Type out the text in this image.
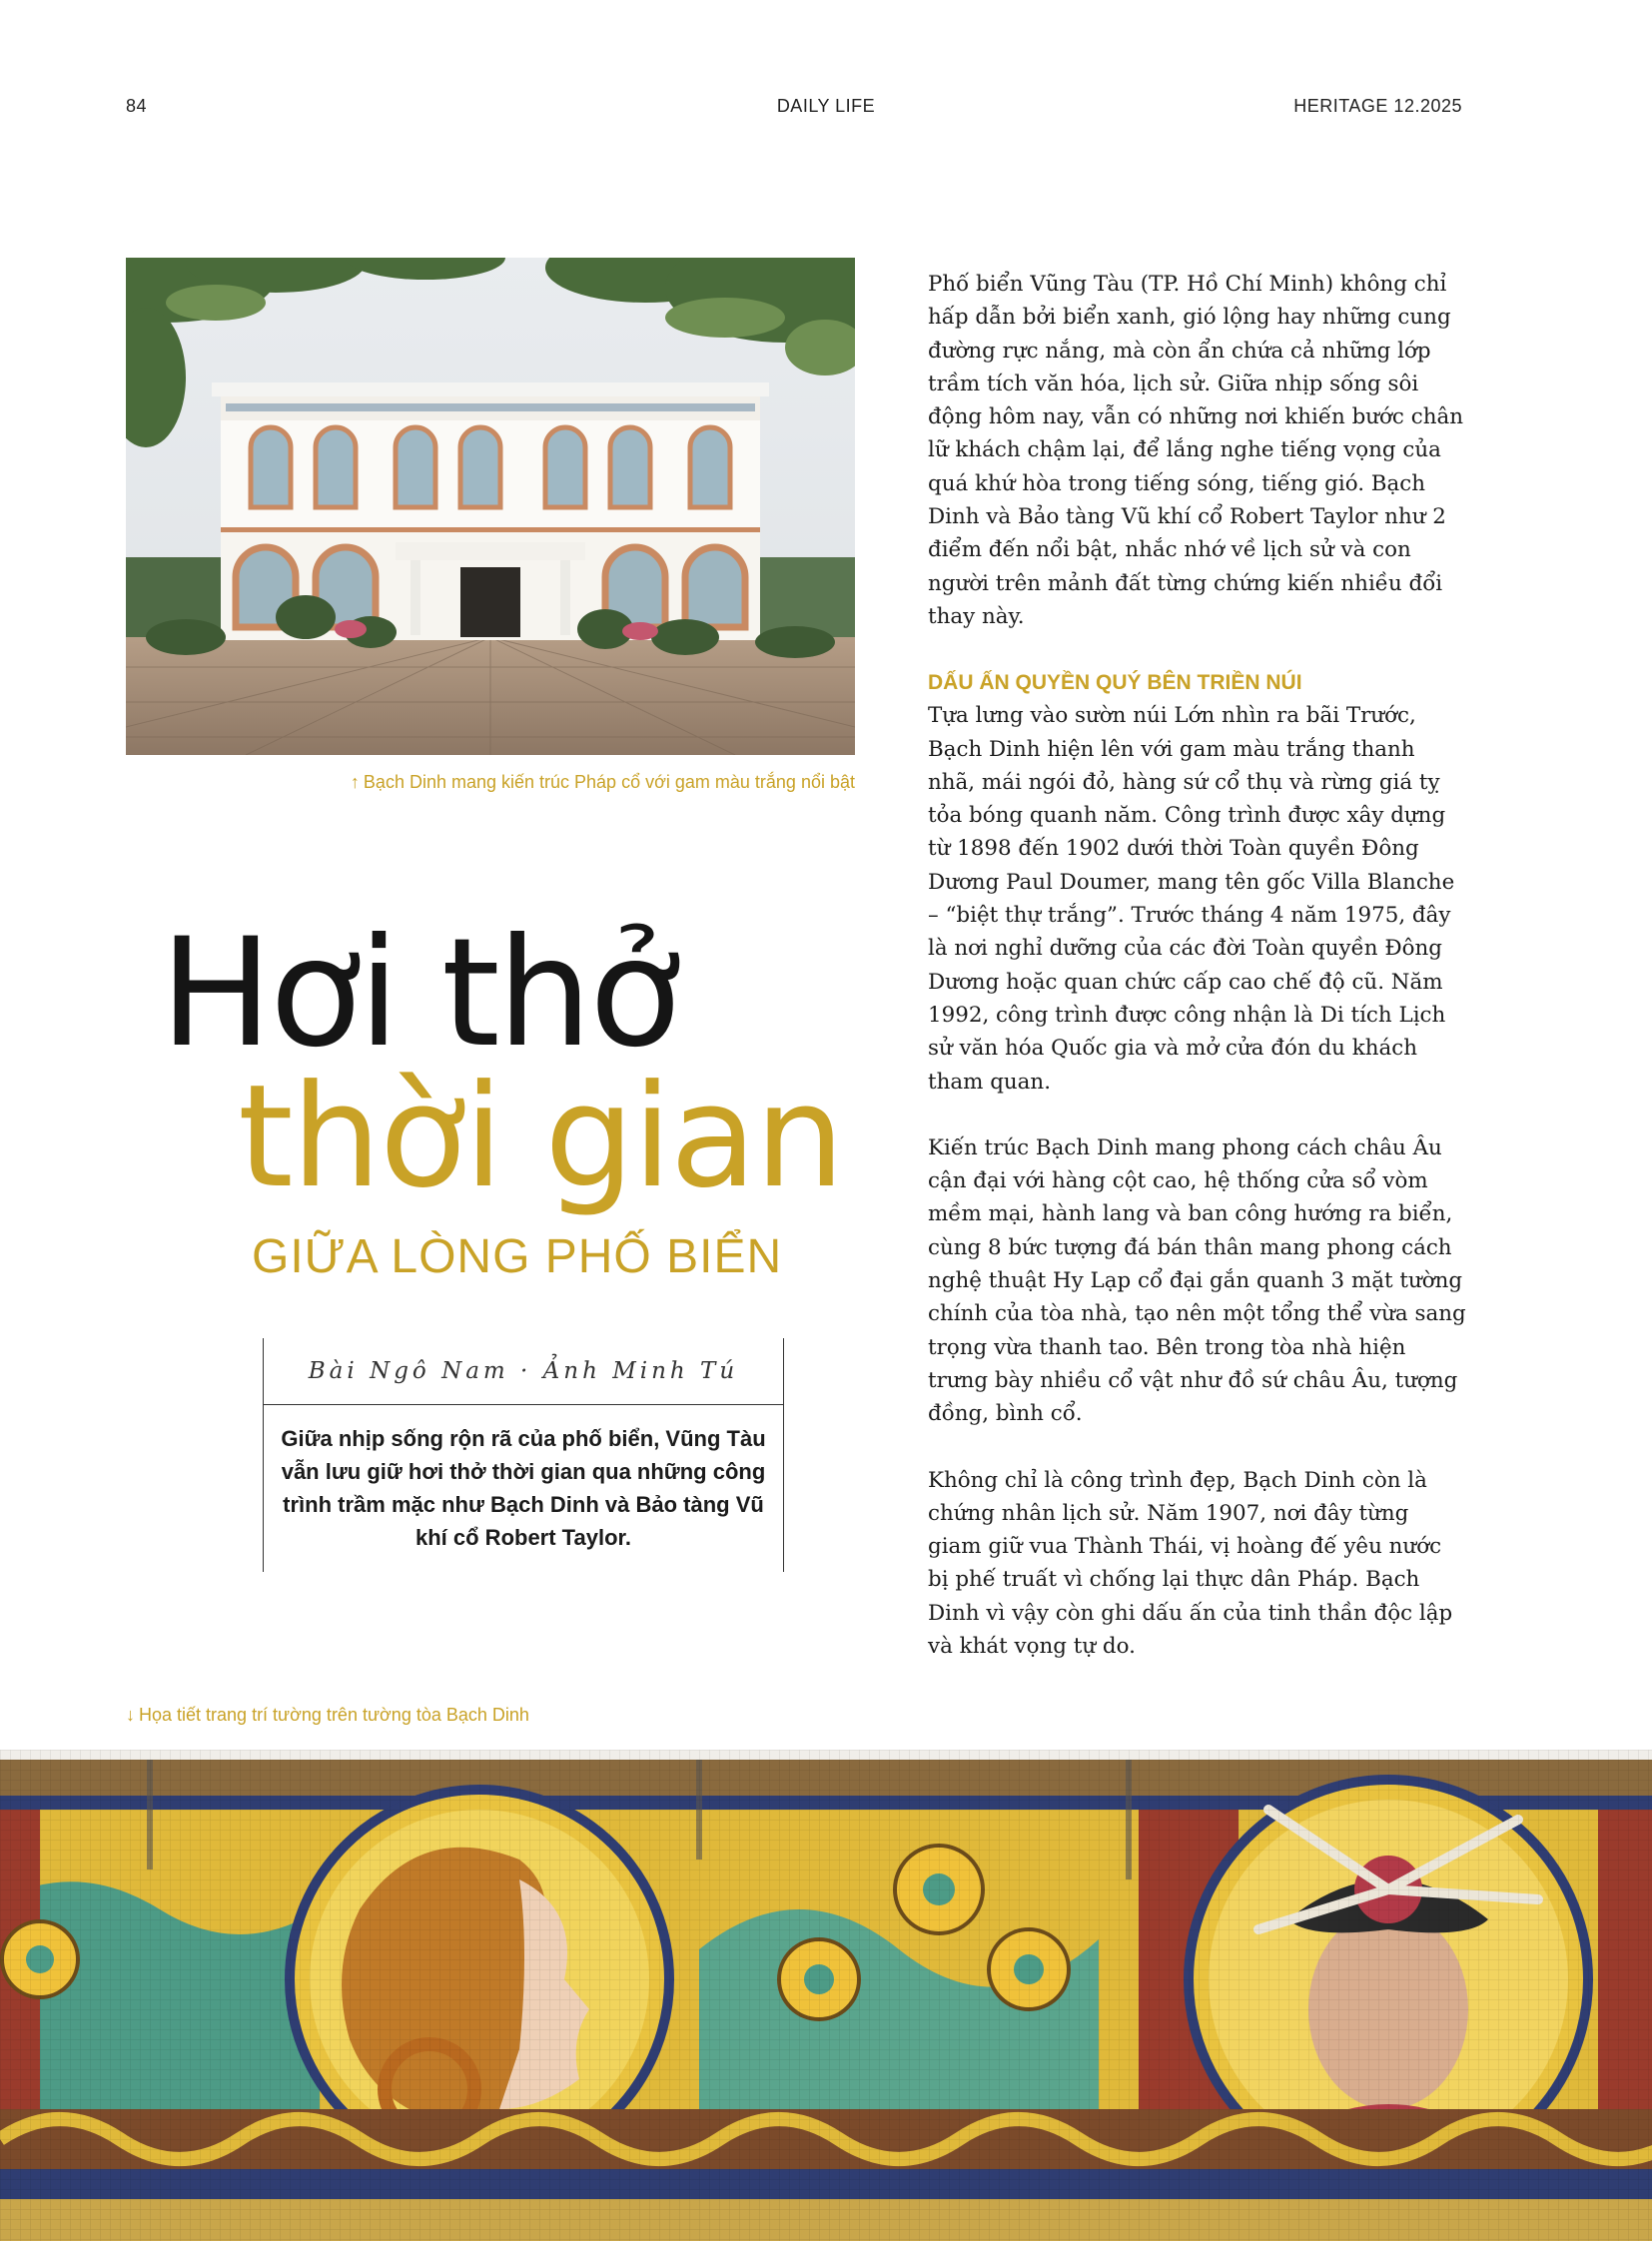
84	DAILY LIFE	HERITAGE 12.2025
↑ Bạch Dinh mang kiến trúc Pháp cổ với gam màu trắng nổi bật
Hơi thở
thời gian
GIỮA LÒNG PHỐ BIỂN
Bài Ngô Nam · Ảnh Minh Tú
Giữa nhịp sống rộn rã của phố biển, Vũng Tàu vẫn lưu giữ hơi thở thời gian qua những công trình trầm mặc như Bạch Dinh và Bảo tàng Vũ khí cổ Robert Taylor.

Phố biển Vũng Tàu (TP. Hồ Chí Minh) không chỉ hấp dẫn bởi biển xanh, gió lộng hay những cung đường rực nắng, mà còn ẩn chứa cả những lớp trầm tích văn hóa, lịch sử. Giữa nhịp sống sôi động hôm nay, vẫn có những nơi khiến bước chân lữ khách chậm lại, để lắng nghe tiếng vọng của quá khứ hòa trong tiếng sóng, tiếng gió. Bạch Dinh và Bảo tàng Vũ khí cổ Robert Taylor như 2 điểm đến nổi bật, nhắc nhớ về lịch sử và con người trên mảnh đất từng chứng kiến nhiều đổi thay này.

DẤU ẤN QUYỀN QUÝ BÊN TRIỀN NÚI

Tựa lưng vào sườn núi Lớn nhìn ra bãi Trước, Bạch Dinh hiện lên với gam màu trắng thanh nhã, mái ngói đỏ, hàng sứ cổ thụ và rừng giá tỵ tỏa bóng quanh năm. Công trình được xây dựng từ 1898 đến 1902 dưới thời Toàn quyền Đông Dương Paul Doumer, mang tên gốc Villa Blanche – “biệt thự trắng”. Trước tháng 4 năm 1975, đây là nơi nghỉ dưỡng của các đời Toàn quyền Đông Dương hoặc quan chức cấp cao chế độ cũ. Năm 1992, công trình được công nhận là Di tích Lịch sử văn hóa Quốc gia và mở cửa đón du khách tham quan.

Kiến trúc Bạch Dinh mang phong cách châu Âu cận đại với hàng cột cao, hệ thống cửa sổ vòm mềm mại, hành lang và ban công hướng ra biển, cùng 8 bức tượng đá bán thân mang phong cách nghệ thuật Hy Lạp cổ đại gắn quanh 3 mặt tường chính của tòa nhà, tạo nên một tổng thể vừa sang trọng vừa thanh tao. Bên trong tòa nhà hiện trưng bày nhiều cổ vật như đồ sứ châu Âu, tượng đồng, bình cổ.

Không chỉ là công trình đẹp, Bạch Dinh còn là chứng nhân lịch sử. Năm 1907, nơi đây từng giam giữ vua Thành Thái, vị hoàng đế yêu nước bị phế truất vì chống lại thực dân Pháp. Bạch Dinh vì vậy còn ghi dấu ấn của tinh thần độc lập và khát vọng tự do.

↓ Họa tiết trang trí tường trên tường tòa Bạch Dinh
